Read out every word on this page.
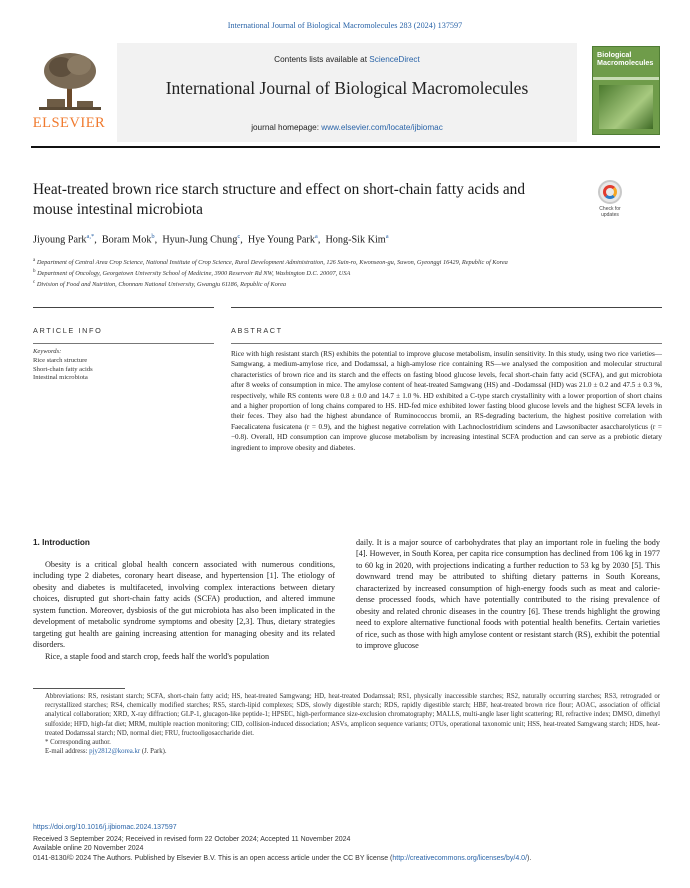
International Journal of Biological Macromolecules 283 (2024) 137597
ELSEVIER
Contents lists available at ScienceDirect
International Journal of Biological Macromolecules
journal homepage: www.elsevier.com/locate/ijbiomac
Biological Macromolecules
Heat-treated brown rice starch structure and effect on short-chain fatty acids and mouse intestinal microbiota	Check for
updates
Jiyoung Park$^{a,*}$,  Boram Mok$^b$,  Hyun-Jung Chung$^c$,  Hye Young Park$^a$,  Hong-Sik Kim$^a$
$^a$ Department of Central Area Crop Science, National Institute of Crop Science, Rural Development Administration, 126 Suin-ro, Kwonseon-gu, Suwon, Gyeonggi 16429, Republic of Korea
$^b$ Department of Oncology, Georgetown University School of Medicine, 3900 Reservoir Rd NW, Washington D.C. 20007, USA
$^c$ Division of Food and Nutrition, Chonnam National University, Gwangju 61186, Republic of Korea
ARTICLE INFO	ABSTRACT
Keywords:
Rice starch structure
Short-chain fatty acids
Intestinal microbiota
Rice with high resistant starch (RS) exhibits the potential to improve glucose metabolism, insulin sensitivity. In this study, using two rice varieties—Samgwang, a medium-amylose rice, and Dodamssal, a high-amylose rice containing RS—we analysed the composition and molecular structural characteristics of brown rice and its starch and the effects on fasting blood glucose levels, fecal short-chain fatty acid (SCFA), and gut microbiota after 8 weeks of consumption in mice. The amylose content of heat-treated Samgwang (HS) and -Dodamssal (HD) was 21.0 ± 0.2 and 47.5 ± 0.3 %, respectively, while RS contents were 0.8 ± 0.0 and 14.7 ± 1.0 %. HD exhibited a C-type starch crystallinity with a lower proportion of short chains and a higher proportion of long chains compared to HS. HD-fed mice exhibited lower fasting blood glucose levels and the highest SCFA levels in their feces. They also had the highest abundance of Ruminococcus bromii, an RS-degrading bacterium, the highest positive correlation with Faecalicatena fusicatena (r = 0.9), and the highest negative correlation with Lachnoclostridium scindens and Lawsonibacter asaccharolyticus (r = −0.8). Overall, HD consumption can improve glucose metabolism by increasing intestinal SCFA production and can serve as a prebiotic dietary ingredient to improve obesity and diabetes.
1. Introduction

Obesity is a critical global health concern associated with numerous conditions, including type 2 diabetes, coronary heart disease, and hypertension [1]. The etiology of obesity and diabetes is multifaceted, involving complex interactions between dietary choices, disrupted gut short-chain fatty acids (SCFA) production, and altered immune system function. Moreover, dysbiosis of the gut microbiota has also been implicated in the development of metabolic syndrome symptoms and obesity [2,3]. Thus, dietary strategies targeting gut health are gaining increasing attention for managing obesity and its related disorders.

Rice, a staple food and starch crop, feeds half the world's population

daily. It is a major source of carbohydrates that play an important role in fueling the body [4]. However, in South Korea, per capita rice consumption has declined from 106 kg in 1977 to 60 kg in 2020, with projections indicating a further reduction to 53 kg by 2030 [5]. This downward trend may be attributed to shifting dietary patterns in South Koreans, characterized by increased consumption of high-energy foods such as meat and calorie-dense processed foods, which have potentially contributed to the rising prevalence of obesity and related chronic diseases in the country [6]. These trends highlight the growing need to explore alternative functional foods with potential health benefits. Certain varieties of rice, such as those with high amylose content or resistant starch (RS), exhibit the potential to improve glucose

Abbreviations: RS, resistant starch; SCFA, short-chain fatty acid; HS, heat-treated Samgwang; HD, heat-treated Dodamssal; RS1, physically inaccessible starches; RS2, naturally occurring starches; RS3, retrograded or recrystallized starches; RS4, chemically modified starches; RS5, starch-lipid complexes; SDS, slowly digestible starch; RDS, rapidly digestible starch; HBF, heat-treated brown rice flour; AOAC, association of official analytical collaboration; XRD, X-ray diffraction; GLP-1, glucagon-like peptide-1; HPSEC, high-performance size-exclusion chromatography; MALLS, multi-angle laser light scattering; RI, refractive index; DMSO, dimethyl sulfoxide; HFD, high-fat diet; MRM, multiple reaction monitoring; CID, collision-induced dissociation; ASVs, amplicon sequence variants; OTUs, operational taxonomic unit; HSS, heat-treated Samgwang starch; HDS, heat-treated Dodamssal starch; ND, normal diet; FRU, fructooligosaccharide diet.
* Corresponding author.
E-mail address: pjy2812@korea.kr (J. Park).
https://doi.org/10.1016/j.ijbiomac.2024.137597
Received 3 September 2024; Received in revised form 22 October 2024; Accepted 11 November 2024
Available online 20 November 2024
0141-8130/© 2024 The Authors. Published by Elsevier B.V. This is an open access article under the CC BY license (http://creativecommons.org/licenses/by/4.0/).
